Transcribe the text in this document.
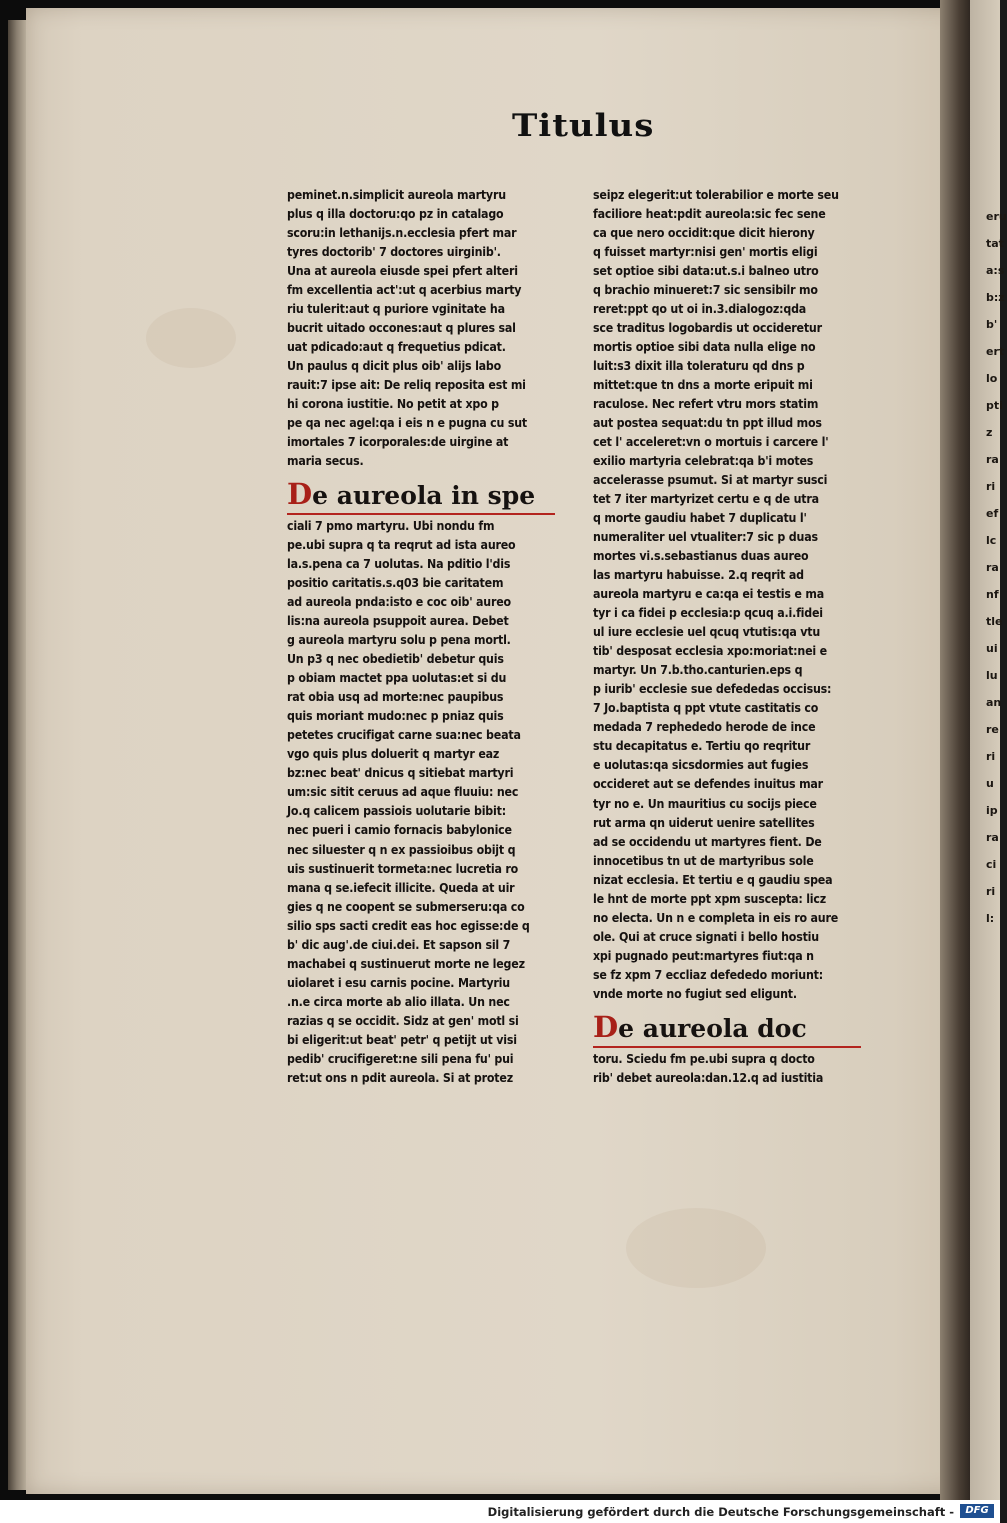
eru
tat
a:s
b:z
b'
ert
lo
pti
z
ra
ri
ef
lc
ra
nf
tle
ui
lu
an
re
ri
u
ip
ra
ci
ri
l:
Titulus
peminet.n.simplicit aureola martyru
plus q illa doctoru:qo pz in catalago
scoru:in lethanijs.n.ecclesia pfert mar
tyres doctorib' 7 doctores uirginib'.
Una at aureola eiusde spei pfert alteri
fm excellentia act':ut q acerbius marty
riu tulerit:aut q puriore vginitate ha
bucrit uitado occones:aut q plures sal
uat pdicado:aut q frequetius pdicat.
Un paulus q dicit plus oib' alijs labo
rauit:7 ipse ait: De reliq reposita est mi
hi corona iustitie. No petit at xpo p
pe qa nec agel:qa i eis n e pugna cu sut
imortales 7 icorporales:de uirgine at
maria secus.
De aureola in spe
ciali 7 pmo martyru. Ubi nondu fm
pe.ubi supra q ta reqrut ad ista aureo
la.s.pena ca 7 uolutas. Na pditio l'dis
positio caritatis.s.q03 bie caritatem
ad aureola pnda:isto e coc oib' aureo
lis:na aureola psuppoit aurea. Debet
g aureola martyru solu p pena mortl.
Un p3 q nec obedietib' debetur quis
p obiam mactet ppa uolutas:et si du
rat obia usq ad morte:nec paupibus
quis moriant mudo:nec p pniaz quis
petetes crucifigat carne sua:nec beata
vgo quis plus doluerit q martyr eaz
bz:nec beat' dnicus q sitiebat martyri
um:sic sitit ceruus ad aque fluuiu: nec
Jo.q calicem passiois uolutarie bibit:
nec pueri i camio fornacis babylonice
nec siluester q n ex passioibus obijt q
uis sustinuerit tormeta:nec lucretia ro
mana q se.iefecit illicite. Queda at uir
gies q ne coopent se submerseru:qa co
silio sps sacti credit eas hoc egisse:de q
b' dic aug'.de ciui.dei. Et sapson sil 7
machabei q sustinuerut morte ne legez
uiolaret i esu carnis pocine. Martyriu
.n.e circa morte ab alio illata. Un nec
razias q se occidit. Sidz at gen' motl si
bi eligerit:ut beat' petr' q petijt ut visi
pedib' crucifigeret:ne sili pena fu' pui
ret:ut ons n pdit aureola. Si at protez
seipz elegerit:ut tolerabilior e morte seu
faciliore heat:pdit aureola:sic fec sene
ca que nero occidit:que dicit hierony
q fuisset martyr:nisi gen' mortis eligi
set optioe sibi data:ut.s.i balneo utro
q brachio minueret:7 sic sensibilr mo
reret:ppt qo ut oi in.3.dialogoz:qda
sce traditus logobardis ut occideretur
mortis optioe sibi data nulla elige no
luit:s3 dixit illa toleraturu qd dns p
mittet:que tn dns a morte eripuit mi
raculose. Nec refert vtru mors statim
aut postea sequat:du tn ppt illud mos
cet l' acceleret:vn o mortuis i carcere l'
exilio martyria celebrat:qa b'i motes
accelerasse psumut. Si at martyr susci
tet 7 iter martyrizet certu e q de utra
q morte gaudiu habet 7 duplicatu l'
numeraliter uel vtualiter:7 sic p duas
mortes vi.s.sebastianus duas aureo
las martyru habuisse. 2.q reqrit ad
aureola martyru e ca:qa ei testis e ma
tyr i ca fidei p ecclesia:p qcuq a.i.fidei
ul iure ecclesie uel qcuq vtutis:qa vtu
tib' desposat ecclesia xpo:moriat:nei e
martyr. Un 7.b.tho.canturien.eps q
p iurib' ecclesie sue defededas occisus:
7 Jo.baptista q ppt vtute castitatis co
medada 7 rephededo herode de ince
stu decapitatus e. Tertiu qo reqritur
e uolutas:qa sicsdormies aut fugies
occideret aut se defendes inuitus mar
tyr no e. Un mauritius cu socijs piece
rut arma qn uiderut uenire satellites
ad se occidendu ut martyres fient. De
innocetibus tn ut de martyribus sole
nizat ecclesia. Et tertiu e q gaudiu spea
le hnt de morte ppt xpm suscepta: licz
no electa. Un n e completa in eis ro aure
ole. Qui at cruce signati i bello hostiu
xpi pugnado peut:martyres fiut:qa n
se fz xpm 7 eccliaz defededo moriunt:
vnde morte no fugiut sed eligunt.
De aureola doc
toru. Sciedu fm pe.ubi supra q docto
rib' debet aureola:dan.12.q ad iustitia
Digitalisierung gefördert durch die Deutsche Forschungsgemeinschaft -	DFG
